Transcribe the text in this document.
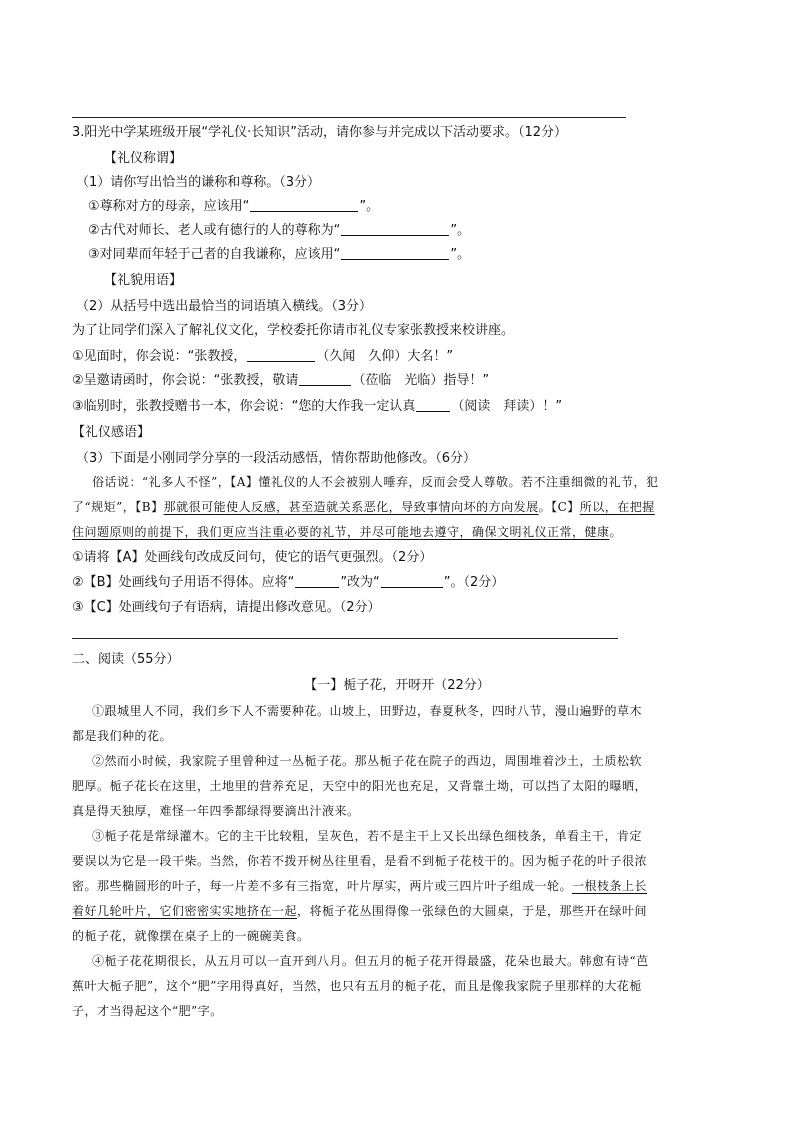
3.阳光中学某班级开展“学礼仪·长知识”活动，请你参与并完成以下活动要求。（12分）
【礼仪称谓】
（1）请你写出恰当的谦称和尊称。（3分）
①尊称对方的母亲，应该用“	”。
②古代对师长、老人或有德行的人的尊称为“	”。
③对同辈而年轻于己者的自我谦称，应该用“	”。
【礼貌用语】
（2）从括号中选出最恰当的词语填入横线。（3分）
为了让同学们深入了解礼仪文化，学校委托你请市礼仪专家张教授来校讲座。
①见面时，你会说：“张教授，	（久闻　久仰）大名！”
②呈邀请函时，你会说：“张教授，敬请	（莅临　光临）指导！”
③临别时，张教授赠书一本，你会说：“您的大作我一定认真	（阅读　拜读）！”
【礼仪感语】
（3）下面是小刚同学分享的一段活动感悟，情你帮助他修改。（6分）
俗话说：“礼多人不怪”，【A】懂礼仪的人不会被别人唾弃，反而会受人尊敬。若不注重细微的礼节，犯
了“规矩”，【B】那就很可能使人反感，甚至造就关系恶化，导致事情向坏的方向发展。【C】所以，在把握
住问题原则的前提下，我们更应当注重必要的礼节，并尽可能地去遵守，确保文明礼仪正常，健康。
①请将【A】处画线句改成反问句，使它的语气更强烈。（2分）
②【B】处画线句子用语不得体。应将“	”改为“	”。（2分）
③【C】处画线句子有语病，请提出修改意见。（2分）
二、阅读（55分）
【一】栀子花，开呀开（22分）
①跟城里人不同，我们乡下人不需要种花。山坡上，田野边，春夏秋冬，四时八节，漫山遍野的草木
都是我们种的花。
②然而小时候，我家院子里曾种过一丛栀子花。那丛栀子花在院子的西边，周围堆着沙土，土质松软
肥厚。栀子花长在这里，土地里的营养充足，天空中的阳光也充足，又背靠土坳，可以挡了太阳的曝晒，
真是得天独厚，难怪一年四季都绿得要滴出汁液来。
③栀子花是常绿灌木。它的主干比较粗，呈灰色，若不是主干上又长出绿色细枝条，单看主干，肯定
要误以为它是一段干柴。当然，你若不拨开树丛往里看，是看不到栀子花枝干的。因为栀子花的叶子很浓
密。那些椭圆形的叶子，每一片差不多有三指宽，叶片厚实，两片或三四片叶子组成一轮。一根枝条上长
着好几轮叶片，它们密密实实地挤在一起，将栀子花丛围得像一张绿色的大圆桌，于是，那些开在绿叶间
的栀子花，就像摆在桌子上的一碗碗美食。
④栀子花花期很长，从五月可以一直开到八月。但五月的栀子花开得最盛，花朵也最大。韩愈有诗“芭
蕉叶大栀子肥”，这个“肥”字用得真好，当然，也只有五月的栀子花，而且是像我家院子里那样的大花栀
子，才当得起这个“肥”字。
